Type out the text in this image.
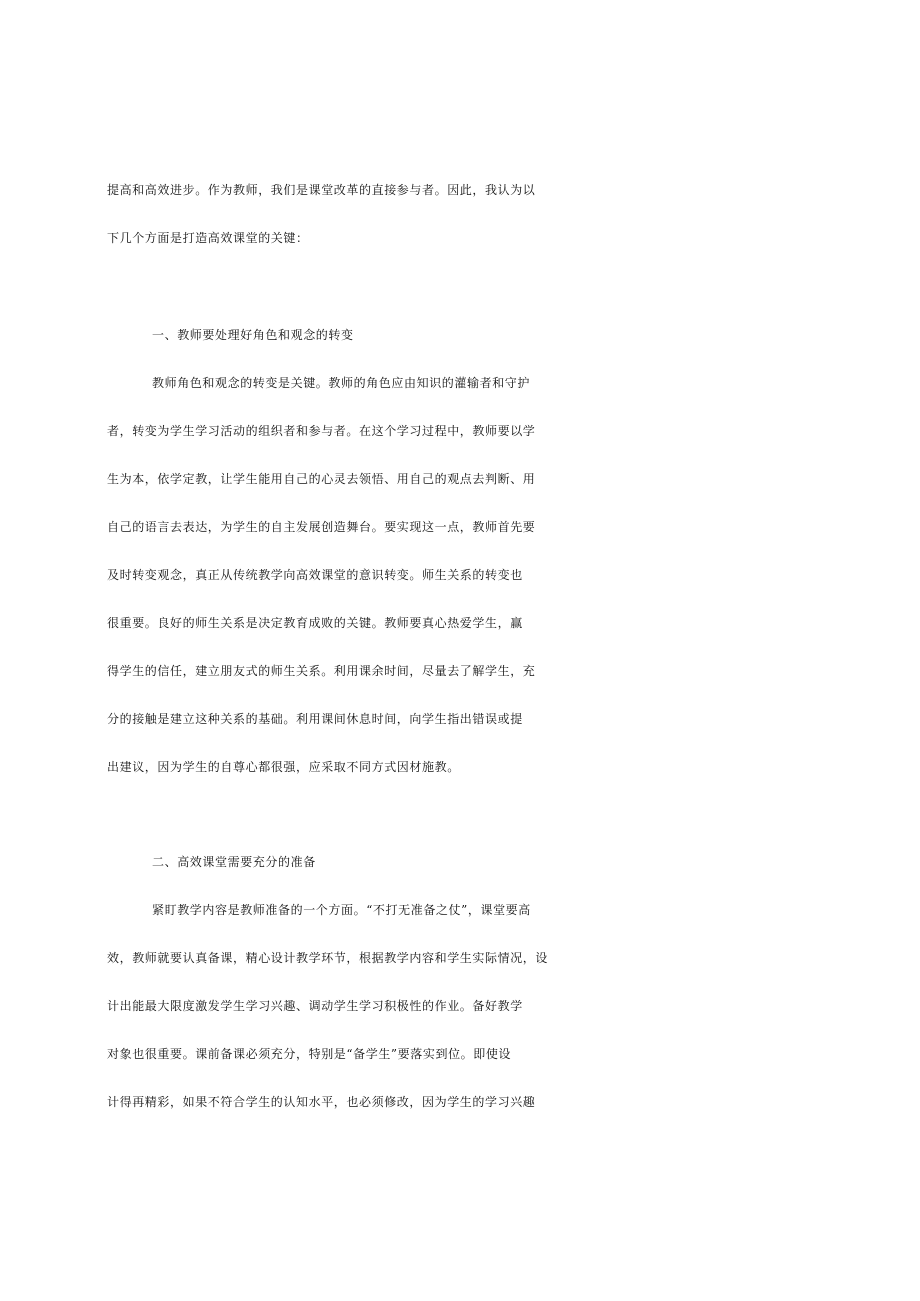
提高和高效进步。作为教师，我们是课堂改革的直接参与者。因此，我认为以
下几个方面是打造高效课堂的关键：
一、教师要处理好角色和观念的转变
教师角色和观念的转变是关键。教师的角色应由知识的灌输者和守护
者，转变为学生学习活动的组织者和参与者。在这个学习过程中，教师要以学
生为本，依学定教，让学生能用自己的心灵去领悟、用自己的观点去判断、用
自己的语言去表达，为学生的自主发展创造舞台。要实现这一点，教师首先要
及时转变观念，真正从传统教学向高效课堂的意识转变。师生关系的转变也
很重要。良好的师生关系是决定教育成败的关键。教师要真心热爱学生，赢
得学生的信任，建立朋友式的师生关系。利用课余时间，尽量去了解学生，充
分的接触是建立这种关系的基础。利用课间休息时间，向学生指出错误或提
出建议，因为学生的自尊心都很强，应采取不同方式因材施教。
二、高效课堂需要充分的准备
紧盯教学内容是教师准备的一个方面。“不打无准备之仗”，课堂要高
效，教师就要认真备课，精心设计教学环节，根据教学内容和学生实际情况，设
计出能最大限度激发学生学习兴趣、调动学生学习积极性的作业。备好教学
对象也很重要。课前备课必须充分，特别是“备学生”要落实到位。即使设
计得再精彩，如果不符合学生的认知水平，也必须修改，因为学生的学习兴趣
